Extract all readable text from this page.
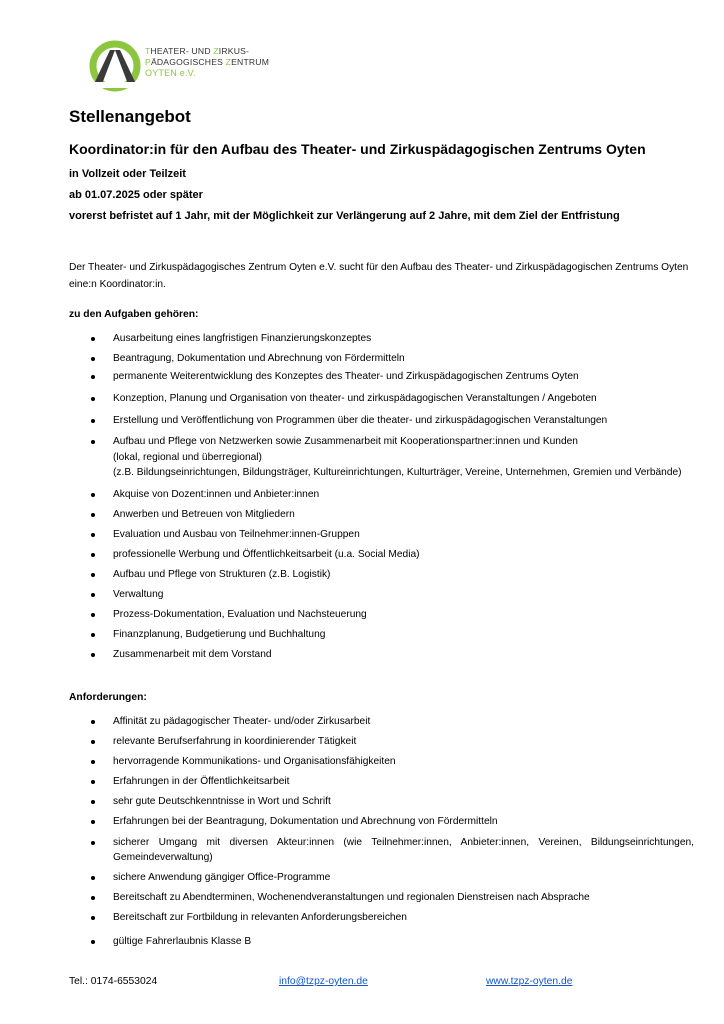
THEATER- UND ZIRKUS-
PÄDAGOGISCHES ZENTRUM
OYTEN e.V.
Stellenangebot
Koordinator:in für den Aufbau des Theater- und Zirkuspädagogischen Zentrums Oyten
in Vollzeit oder Teilzeit
ab 01.07.2025 oder später
vorerst befristet auf 1 Jahr, mit der Möglichkeit zur Verlängerung auf 2 Jahre, mit dem Ziel der Entfristung
Der Theater- und Zirkuspädagogisches Zentrum Oyten e.V. sucht für den Aufbau des Theater- und Zirkuspädagogischen Zentrums Oyten eine:n Koordinator:in.
zu den Aufgaben gehören:
Ausarbeitung eines langfristigen Finanzierungskonzeptes
Beantragung, Dokumentation und Abrechnung von Fördermitteln
permanente Weiterentwicklung des Konzeptes des Theater- und Zirkuspädagogischen Zentrums Oyten
Konzeption, Planung und Organisation von theater- und zirkuspädagogischen Veranstaltungen / Angeboten
Erstellung und Veröffentlichung von Programmen über die theater- und zirkuspädagogischen Veranstaltungen
Aufbau und Pflege von Netzwerken sowie Zusammenarbeit mit Kooperationspartner:innen und Kunden
(lokal, regional und überregional)
(z.B. Bildungseinrichtungen, Bildungsträger, Kultureinrichtungen, Kulturträger, Vereine, Unternehmen, Gremien und Verbände)
Akquise von Dozent:innen und Anbieter:innen
Anwerben und Betreuen von Mitgliedern
Evaluation und Ausbau von Teilnehmer:innen-Gruppen
professionelle Werbung und Öffentlichkeitsarbeit (u.a. Social Media)
Aufbau und Pflege von Strukturen (z.B. Logistik)
Verwaltung
Prozess-Dokumentation, Evaluation und Nachsteuerung
Finanzplanung, Budgetierung und Buchhaltung
Zusammenarbeit mit dem Vorstand
Anforderungen:
Affinität zu pädagogischer Theater- und/oder Zirkusarbeit
relevante Berufserfahrung in koordinierender Tätigkeit
hervorragende Kommunikations- und Organisationsfähigkeiten
Erfahrungen in der Öffentlichkeitsarbeit
sehr gute Deutschkenntnisse in Wort und Schrift
Erfahrungen bei der Beantragung, Dokumentation und Abrechnung von Fördermitteln
sicherer Umgang mit diversen Akteur:innen (wie Teilnehmer:innen, Anbieter:innen, Vereinen, Bildungseinrichtungen, Gemeindeverwaltung)
sichere Anwendung gängiger Office-Programme
Bereitschaft zu Abendterminen, Wochenendveranstaltungen und regionalen Dienstreisen nach Absprache
Bereitschaft zur Fortbildung in relevanten Anforderungsbereichen
gültige Fahrerlaubnis Klasse B
Tel.: 0174-6553024	info@tzpz-oyten.de	www.tzpz-oyten.de
